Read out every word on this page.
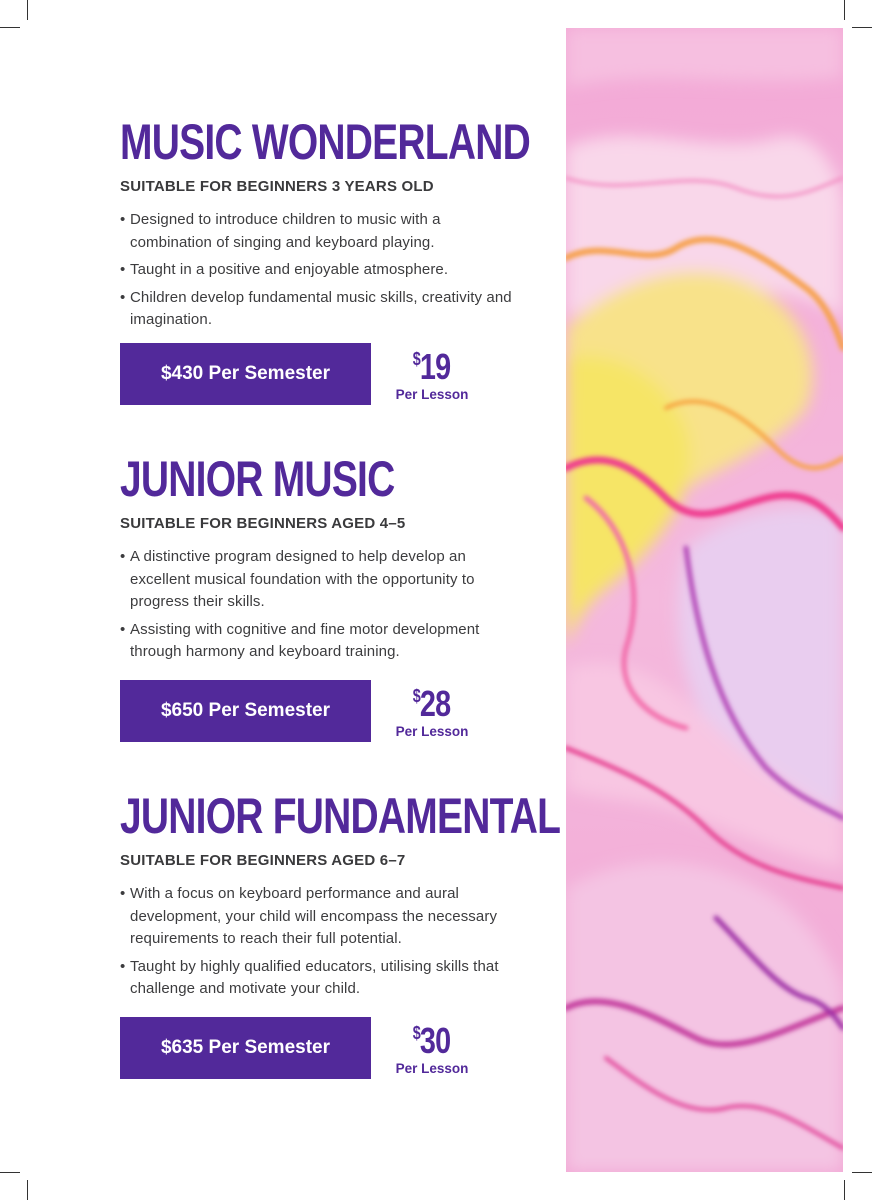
MUSIC WONDERLAND
SUITABLE FOR BEGINNERS 3 YEARS OLD
• Designed to introduce children to music with a combination of singing and keyboard playing.
• Taught in a positive and enjoyable atmosphere.
• Children develop fundamental music skills, creativity and imagination.
$430 Per Semester
$19
Per Lesson
JUNIOR MUSIC
SUITABLE FOR BEGINNERS AGED 4–5
• A distinctive program designed to help develop an excellent musical foundation with the opportunity to progress their skills.
• Assisting with cognitive and fine motor development through harmony and keyboard training.
$650 Per Semester
$28
Per Lesson
JUNIOR FUNDAMENTAL
SUITABLE FOR BEGINNERS AGED 6–7
• With a focus on keyboard performance and aural development, your child will encompass the necessary requirements to reach their full potential.
• Taught by highly qualified educators, utilising skills that challenge and motivate your child.
$635 Per Semester
$30
Per Lesson
